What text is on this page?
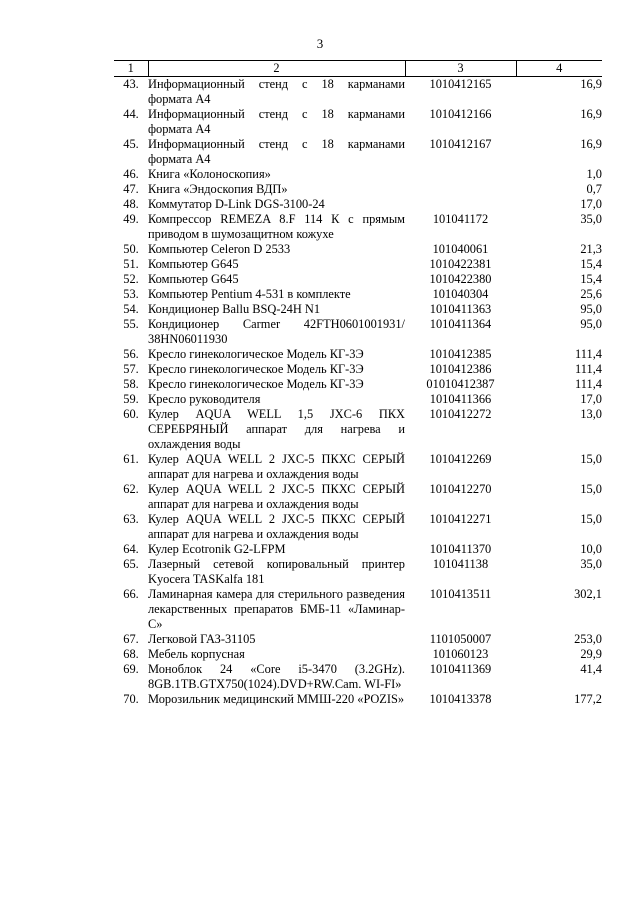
3
1	2	3	4
43.	Информационный стенд с 18 карманами формата А4	1010412165	16,9
44.	Информационный стенд с 18 карманами формата А4	1010412166	16,9
45.	Информационный стенд с 18 карманами формата А4	1010412167	16,9
46.	Книга «Колоноскопия»		1,0
47.	Книга «Эндоскопия ВДП»		0,7
48.	Коммутатор D-Link DGS-3100-24		17,0
49.	Компрессор REMEZA 8.F 114 К с прямым приводом в шумозащитном кожухе	101041172	35,0
50.	Компьютер Celeron D 2533	101040061	21,3
51.	Компьютер G645	1010422381	15,4
52.	Компьютер G645	1010422380	15,4
53.	Компьютер Pentium 4-531 в комплекте	101040304	25,6
54.	Кондиционер Ballu BSQ-24H N1	1010411363	95,0
55.	Кондиционер Carmer 42FTH0601001931/ 38HN06011930	1010411364	95,0
56.	Кресло гинекологическое Модель КГ-3Э	1010412385	111,4
57.	Кресло гинекологическое Модель КГ-3Э	1010412386	111,4
58.	Кресло гинекологическое Модель КГ-3Э	01010412387	111,4
59.	Кресло руководителя	1010411366	17,0
60.	Кулер AQUA WELL 1,5 JXC-6 ПКХ СЕРЕБРЯНЫЙ аппарат для нагрева и охлаждения воды	1010412272	13,0
61.	Кулер AQUA WELL 2 JXC-5 ПКХС СЕРЫЙ аппарат для нагрева и охлаждения воды	1010412269	15,0
62.	Кулер AQUA WELL 2 JXC-5 ПКХС СЕРЫЙ аппарат для нагрева и охлаждения воды	1010412270	15,0
63.	Кулер AQUA WELL 2 JXC-5 ПКХС СЕРЫЙ аппарат для нагрева и охлаждения воды	1010412271	15,0
64.	Кулер Ecotronik G2-LFPM	1010411370	10,0
65.	Лазерный сетевой копировальный принтер Kyocera TASKalfa 181	101041138	35,0
66.	Ламинарная камера для стерильного разведения лекарственных препаратов БМБ-11 «Ламинар-С»	1010413511	302,1
67.	Легковой ГАЗ-31105	1101050007	253,0
68.	Мебель корпусная	101060123	29,9
69.	Моноблок 24 «Core i5-3470 (3.2GHz). 8GB.1TB.GTX750(1024).DVD+RW.Cam. WI-FI»	1010411369	41,4
70.	Морозильник медицинский ММШ-220 «POZIS»	1010413378	177,2
